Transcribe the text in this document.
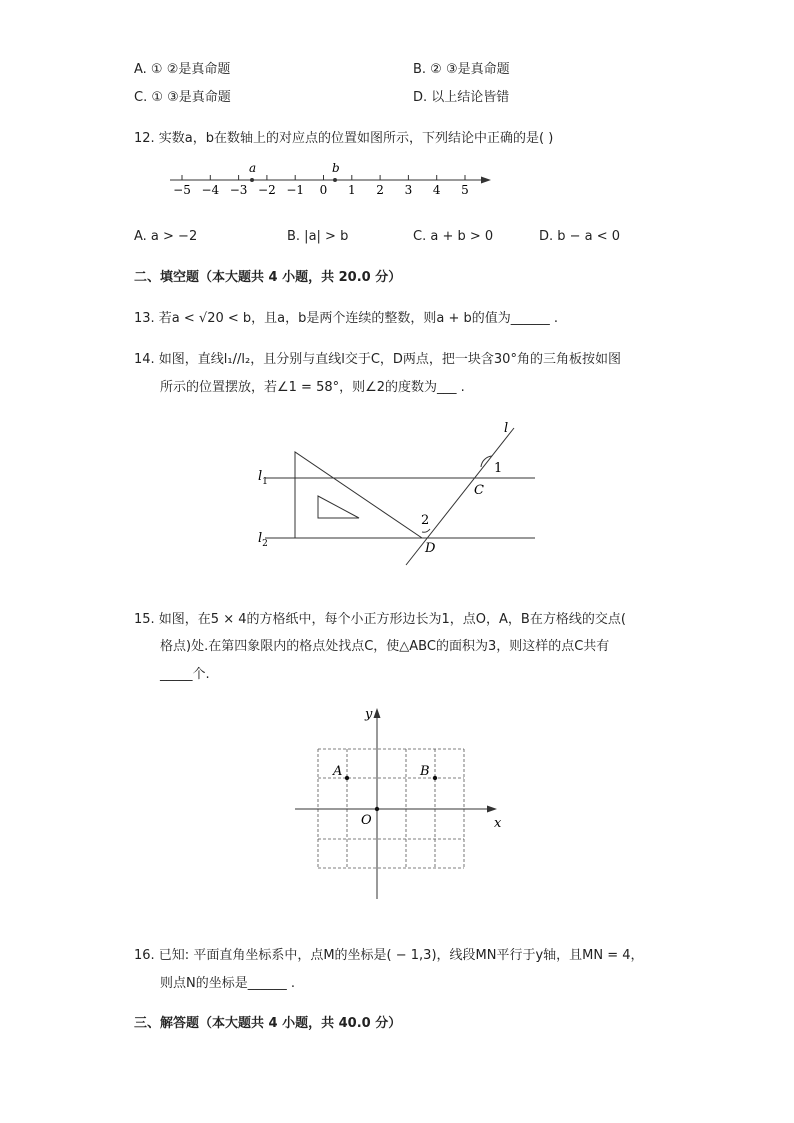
A. ① ②是真命题	B. ② ③是真命题
C. ① ③是真命题	D. 以上结论皆错
12. 实数a，b在数轴上的对应点的位置如图所示，下列结论中正确的是( )
−5 −4 −3 −2 −1 0 1 2 3 4 5
a	b
A. a > −2	B. |a| > b	C. a + b > 0	D. b − a < 0
二、填空题（本大题共 4 小题，共 20.0 分）
13. 若a < √20 < b，且a，b是两个连续的整数，则a + b的值为______ .
14. 如图，直线l₁//l₂，且分别与直线l交于C，D两点，把一块含30°角的三角板按如图
所示的位置摆放，若∠1 = 58°，则∠2的度数为___ .
l
$l_1$
$l_2$
1
2
C
D
15. 如图，在5 × 4的方格纸中，每个小正方形边长为1，点O，A，B在方格线的交点(
格点)处.在第四象限内的格点处找点C，使△ABC的面积为3，则这样的点C共有
_____个.
O
A	B
x
y
16. 已知: 平面直角坐标系中，点M的坐标是( − 1,3)，线段MN平行于y轴，且MN = 4，
则点N的坐标是______ .
三、解答题（本大题共 4 小题，共 40.0 分）
